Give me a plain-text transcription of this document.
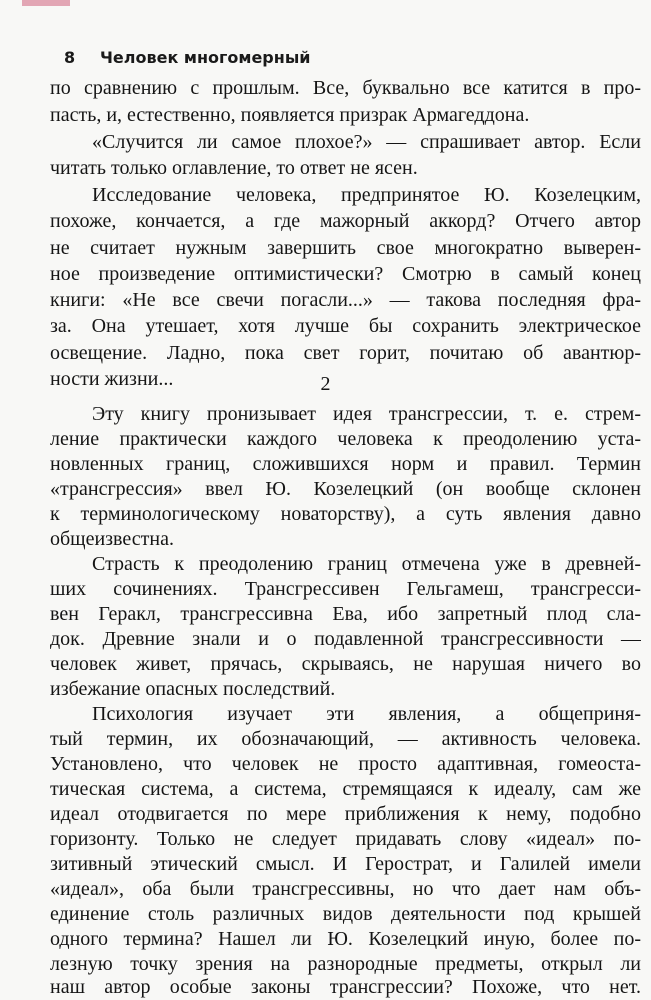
8 Человек многомерный
2
по сравнению с прошлым. Все, буквально все катится в про-
пасть, и, естественно, появляется призрак Армагеддона.
«Случится ли самое плохое?» — спрашивает автор. Если
читать только оглавление, то ответ не ясен.
Исследование человека, предпринятое Ю. Козелецким,
похоже, кончается, а где мажорный аккорд? Отчего автор
не считает нужным завершить свое многократно выверен-
ное произведение оптимистически? Смотрю в самый конец
книги: «Не все свечи погасли...» — такова последняя фра-
за. Она утешает, хотя лучше бы сохранить электрическое
освещение. Ладно, пока свет горит, почитаю об авантюр-
ности жизни...
Эту книгу пронизывает идея трансгрессии, т. е. стрем-
ление практически каждого человека к преодолению уста-
новленных границ, сложившихся норм и правил. Термин
«трансгрессия» ввел Ю. Козелецкий (он вообще склонен
к терминологическому новаторству), а суть явления давно
общеизвестна.
Страсть к преодолению границ отмечена уже в древней-
ших сочинениях. Трансгрессивен Гельгамеш, трансгресси-
вен Геракл, трансгрессивна Ева, ибо запретный плод сла-
док. Древние знали и о подавленной трансгрессивности —
человек живет, прячась, скрываясь, не нарушая ничего во
избежание опасных последствий.
Психология изучает эти явления, а общеприня-
тый термин, их обозначающий, — активность человека.
Установлено, что человек не просто адаптивная, гомеоста-
тическая система, а система, стремящаяся к идеалу, сам же
идеал отодвигается по мере приближения к нему, подобно
горизонту. Только не следует придавать слову «идеал» по-
зитивный этический смысл. И Герострат, и Галилей имели
«идеал», оба были трансгрессивны, но что дает нам объ-
единение столь различных видов деятельности под крышей
одного термина? Нашел ли Ю. Козелецкий иную, более по-
лезную точку зрения на разнородные предметы, открыл ли
наш автор особые законы трансгрессии? Похоже, что нет.
